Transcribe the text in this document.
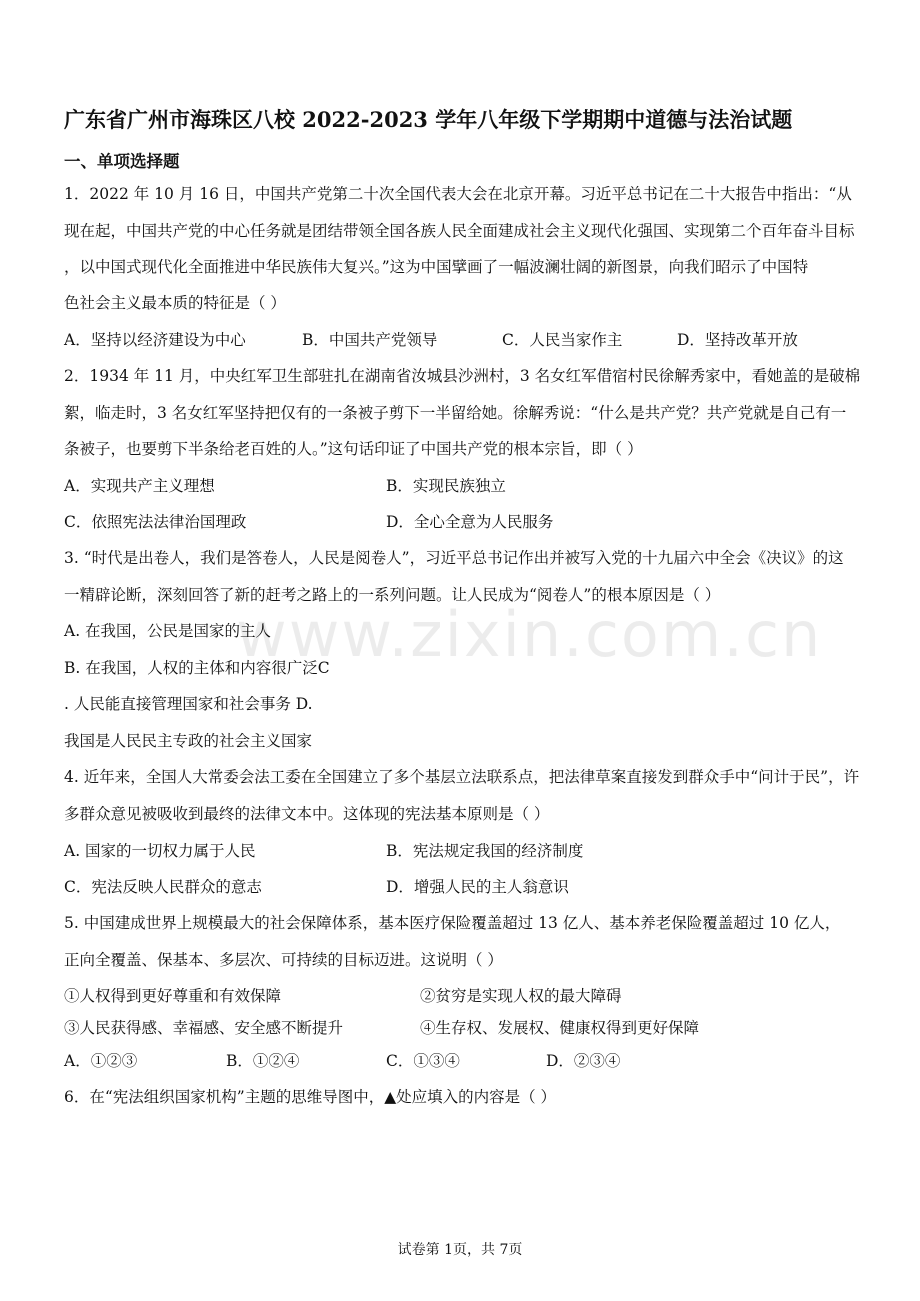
广东省广州市海珠区八校 2022-2023 学年八年级下学期期中道德与法治试题
一、单项选择题
1．2022 年 10 月 16 日，中国共产党第二十次全国代表大会在北京开幕。习近平总书记在二十大报告中指出：“从
现在起，中国共产党的中心任务就是团结带领全国各族人民全面建成社会主义现代化强国、实现第二个百年奋斗目标
，以中国式现代化全面推进中华民族伟大复兴。”这为中国擘画了一幅波澜壮阔的新图景，向我们昭示了中国特
色社会主义最本质的特征是（ ）
A．坚持以经济建设为中心	B．中国共产党领导	C．人民当家作主	D．坚持改革开放
2．1934 年 11 月，中央红军卫生部驻扎在湖南省汝城县沙洲村，3 名女红军借宿村民徐解秀家中，看她盖的是破棉
絮，临走时，3 名女红军坚持把仅有的一条被子剪下一半留给她。徐解秀说：“什么是共产党？共产党就是自己有一
条被子，也要剪下半条给老百姓的人。”这句话印证了中国共产党的根本宗旨，即（ ）
A．实现共产主义理想	B．实现民族独立
C．依照宪法法律治国理政	D．全心全意为人民服务
3. “时代是出卷人，我们是答卷人，人民是阅卷人”，习近平总书记作出并被写入党的十九届六中全会《决议》的这
一精辟论断，深刻回答了新的赶考之路上的一系列问题。让人民成为“阅卷人”的根本原因是（ ）
A. 在我国，公民是国家的主人
B. 在我国，人权的主体和内容很广泛C
. 人民能直接管理国家和社会事务 D.
我国是人民民主专政的社会主义国家
4. 近年来，全国人大常委会法工委在全国建立了多个基层立法联系点，把法律草案直接发到群众手中“问计于民”，许
多群众意见被吸收到最终的法律文本中。这体现的宪法基本原则是（ ）
A. 国家的一切权力属于人民	B．宪法规定我国的经济制度
C．宪法反映人民群众的意志	D．增强人民的主人翁意识
5. 中国建成世界上规模最大的社会保障体系，基本医疗保险覆盖超过 13 亿人、基本养老保险覆盖超过 10 亿人，
正向全覆盖、保基本、多层次、可持续的目标迈进。这说明（ ）
①人权得到更好尊重和有效保障	②贫穷是实现人权的最大障碍
③人民获得感、幸福感、安全感不断提升	④生存权、发展权、健康权得到更好保障
A．①②③	B．①②④	C．①③④	D．②③④
6．在“宪法组织国家机构”主题的思维导图中，▲处应填入的内容是（ ）
www.zixin.com.cn
试卷第 1页，共 7页
